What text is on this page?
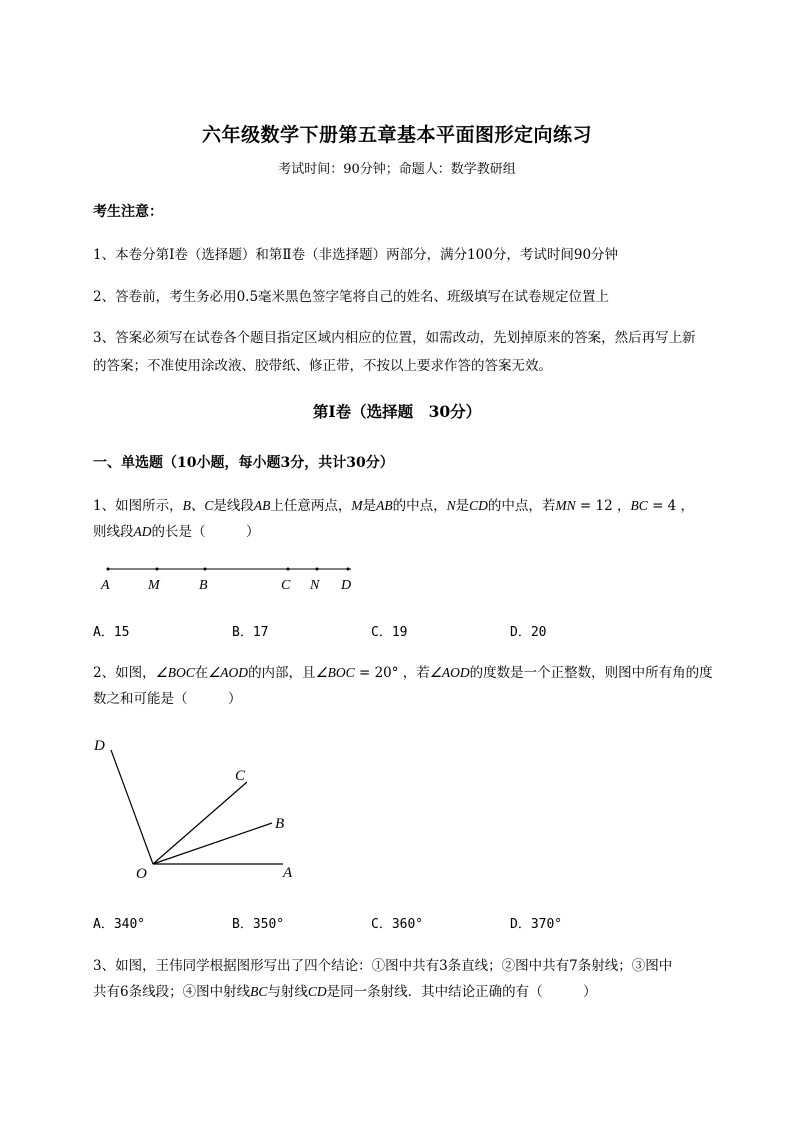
六年级数学下册第五章基本平面图形定向练习
考试时间：90分钟；命题人：数学教研组
考生注意：
1、本卷分第Ⅰ卷（选择题）和第Ⅱ卷（非选择题）两部分，满分100分，考试时间90分钟
2、答卷前，考生务必用0.5毫米黑色签字笔将自己的姓名、班级填写在试卷规定位置上
3、答案必须写在试卷各个题目指定区域内相应的位置，如需改动，先划掉原来的答案，然后再写上新
的答案；不准使用涂改液、胶带纸、修正带，不按以上要求作答的答案无效。
第Ⅰ卷（选择题　30分）
一、单选题（10小题，每小题3分，共计30分）
1、如图所示，B、C是线段AB上任意两点，M是AB的中点，N是CD的中点，若MN = 12 ，BC = 4 ，
则线段AD的长是（　　　）
A	M	B	C N D
A．15	B．17	C．19	D．20
2、如图，∠BOC在∠AOD的内部，且∠BOC = 20° ，若∠AOD的度数是一个正整数，则图中所有角的度
数之和可能是（　　　）
D
C
B
O	A
A．340°	B．350°	C．360°	D．370°
3、如图，王伟同学根据图形写出了四个结论：①图中共有3条直线；②图中共有7条射线；③图中
共有6条线段；④图中射线BC与射线CD是同一条射线．其中结论正确的有（　　　）
